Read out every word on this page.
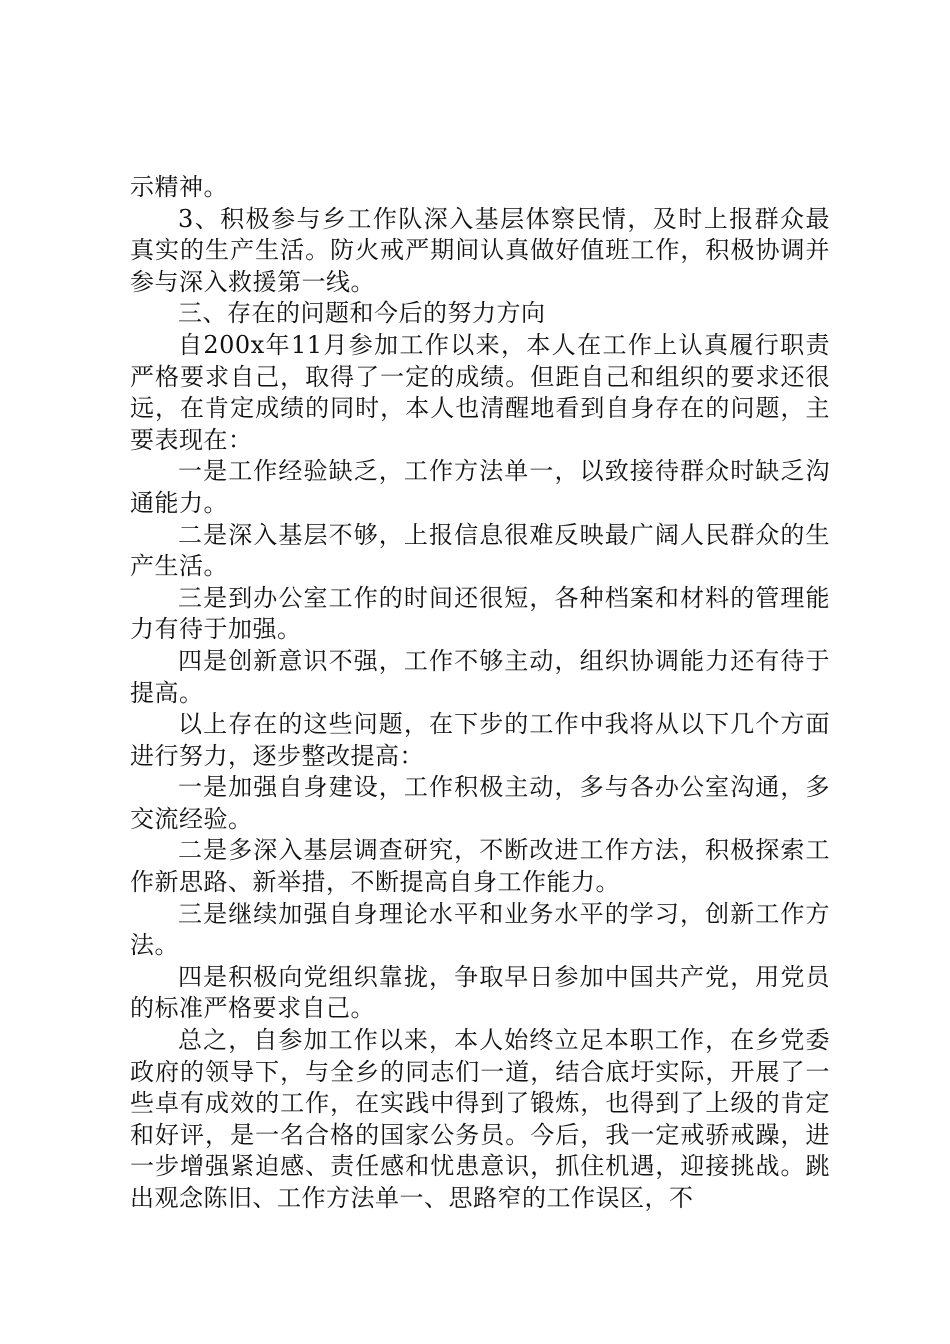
示精神。

3、积极参与乡工作队深入基层体察民情，及时上报群众最真实的生产生活。防火戒严期间认真做好值班工作，积极协调并参与深入救援第一线。

三、存在的问题和今后的努力方向

自200x年11月参加工作以来，本人在工作上认真履行职责严格要求自己，取得了一定的成绩。但距自己和组织的要求还很远，在肯定成绩的同时，本人也清醒地看到自身存在的问题，主要表现在：

一是工作经验缺乏，工作方法单一，以致接待群众时缺乏沟通能力。

二是深入基层不够，上报信息很难反映最广阔人民群众的生产生活。

三是到办公室工作的时间还很短，各种档案和材料的管理能力有待于加强。

四是创新意识不强，工作不够主动，组织协调能力还有待于提高。

以上存在的这些问题，在下步的工作中我将从以下几个方面进行努力，逐步整改提高：

一是加强自身建设，工作积极主动，多与各办公室沟通，多交流经验。

二是多深入基层调查研究，不断改进工作方法，积极探索工作新思路、新举措，不断提高自身工作能力。

三是继续加强自身理论水平和业务水平的学习，创新工作方法。

四是积极向党组织靠拢，争取早日参加中国共产党，用党员的标准严格要求自己。

总之，自参加工作以来，本人始终立足本职工作，在乡党委政府的领导下，与全乡的同志们一道，结合底圩实际，开展了一些卓有成效的工作，在实践中得到了锻炼，也得到了上级的肯定和好评，是一名合格的国家公务员。今后，我一定戒骄戒躁，进一步增强紧迫感、责任感和忧患意识，抓住机遇，迎接挑战。跳出观念陈旧、工作方法单一、思路窄的工作误区，不
